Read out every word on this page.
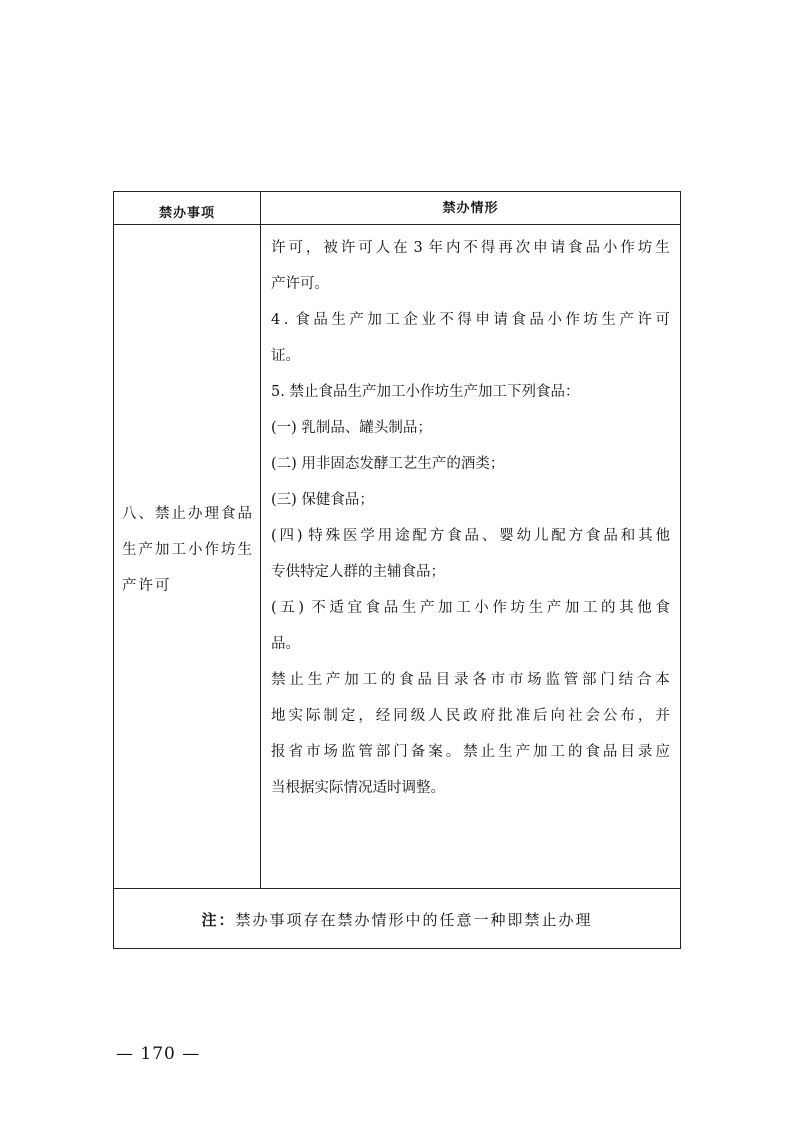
禁办事项	禁办情形
八、禁止办理食品生产加工小作坊生产许可
许 可 ， 被 许 可 人 在 3 年 内 不 得 再 次 申 请 食 品 小 作 坊 生
产许可。
4 . 食 品 生 产 加 工 企 业 不 得 申 请 食 品 小 作 坊 生 产 许 可
证。
5. 禁止食品生产加工小作坊生产加工下列食品：
(一) 乳制品、罐头制品；
(二) 用非固态发酵工艺生产的酒类；
(三) 保健食品；
( 四 ) 特 殊 医 学 用 途 配 方 食 品 、 婴 幼 儿 配 方 食 品 和 其 他
专供特定人群的主辅食品；
( 五 ) 不 适 宜 食 品 生 产 加 工 小 作 坊 生 产 加 工 的 其 他 食
品。
禁 止 生 产 加 工 的 食 品 目 录 各 市 市 场 监 管 部 门 结 合 本
地 实 际 制 定 ， 经 同 级 人 民 政 府 批 准 后 向 社 会 公 布 ， 并
报 省 市 场 监 管 部 门 备 案 。 禁 止 生 产 加 工 的 食 品 目 录 应
当根据实际情况适时调整。
注：禁办事项存在禁办情形中的任意一种即禁止办理
— 170 —
